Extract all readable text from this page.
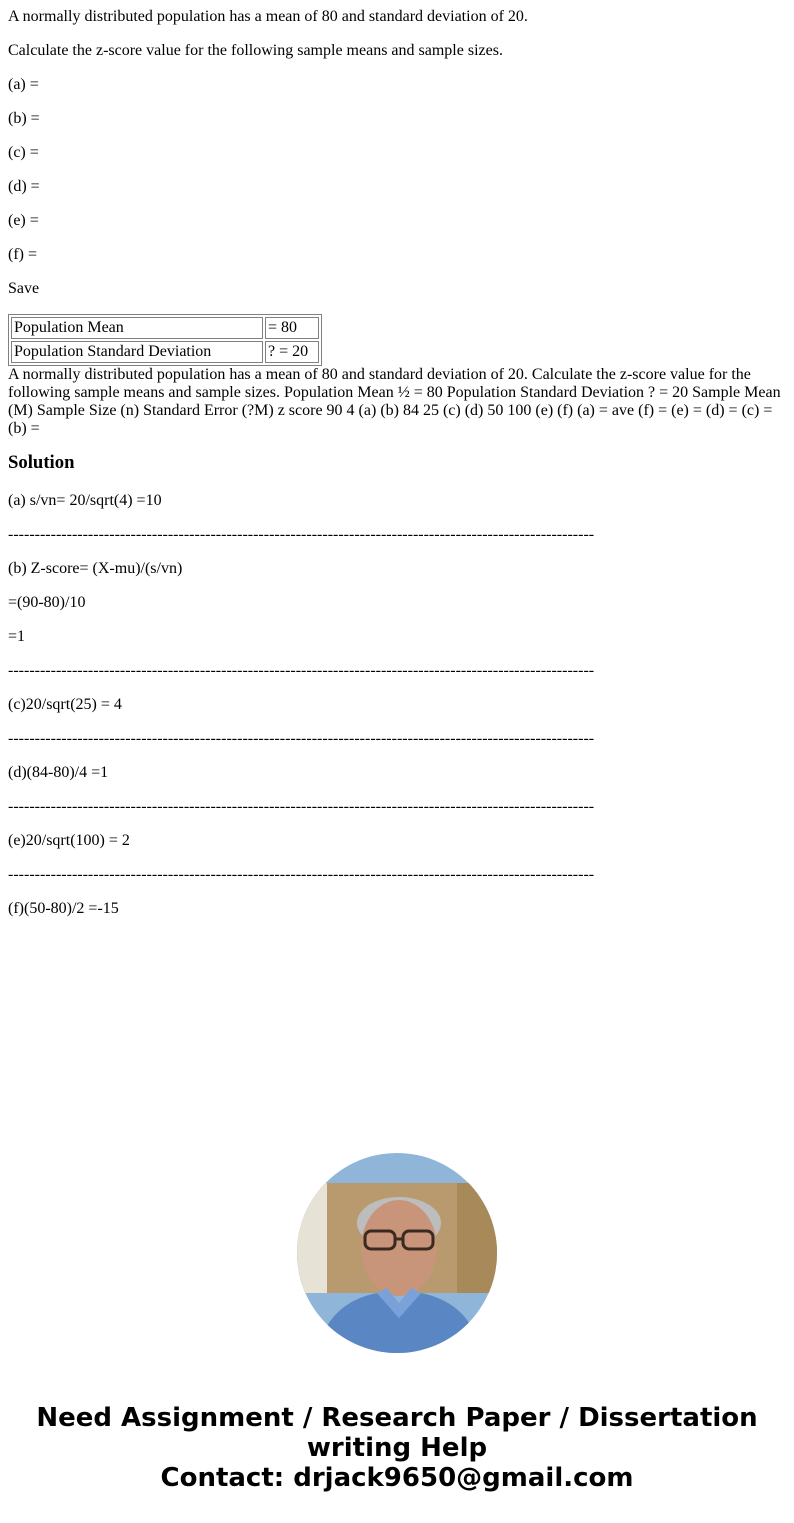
A normally distributed population has a mean of 80 and standard deviation of 20.

Calculate the z-score value for the following sample means and sample sizes.

(a) =

(b) =

(c) =

(d) =

(e) =

(f) =

Save

Population Mean	= 80
Population Standard Deviation	? = 20
A normally distributed population has a mean of 80 and standard deviation of 20. Calculate the z-score value for the following sample means and sample sizes. Population Mean ½ = 80 Population Standard Deviation ? = 20 Sample Mean (M) Sample Size (n) Standard Error (?M) z score 90 4 (a) (b) 84 25 (c) (d) 50 100 (e) (f) (a) = ave (f) = (e) = (d) = (c) = (b) =
Solution

(a) s/vn= 20/sqrt(4) =10

--------------------------------------------------------------------------------------------------------------

(b) Z-score= (X-mu)/(s/vn)

=(90-80)/10

=1

--------------------------------------------------------------------------------------------------------------

(c)20/sqrt(25) = 4

--------------------------------------------------------------------------------------------------------------

(d)(84-80)/4 =1

--------------------------------------------------------------------------------------------------------------

(e)20/sqrt(100) = 2

--------------------------------------------------------------------------------------------------------------

(f)(50-80)/2 =-15

Need Assignment / Research Paper / Dissertation
writing Help
Contact: drjack9650@gmail.com
